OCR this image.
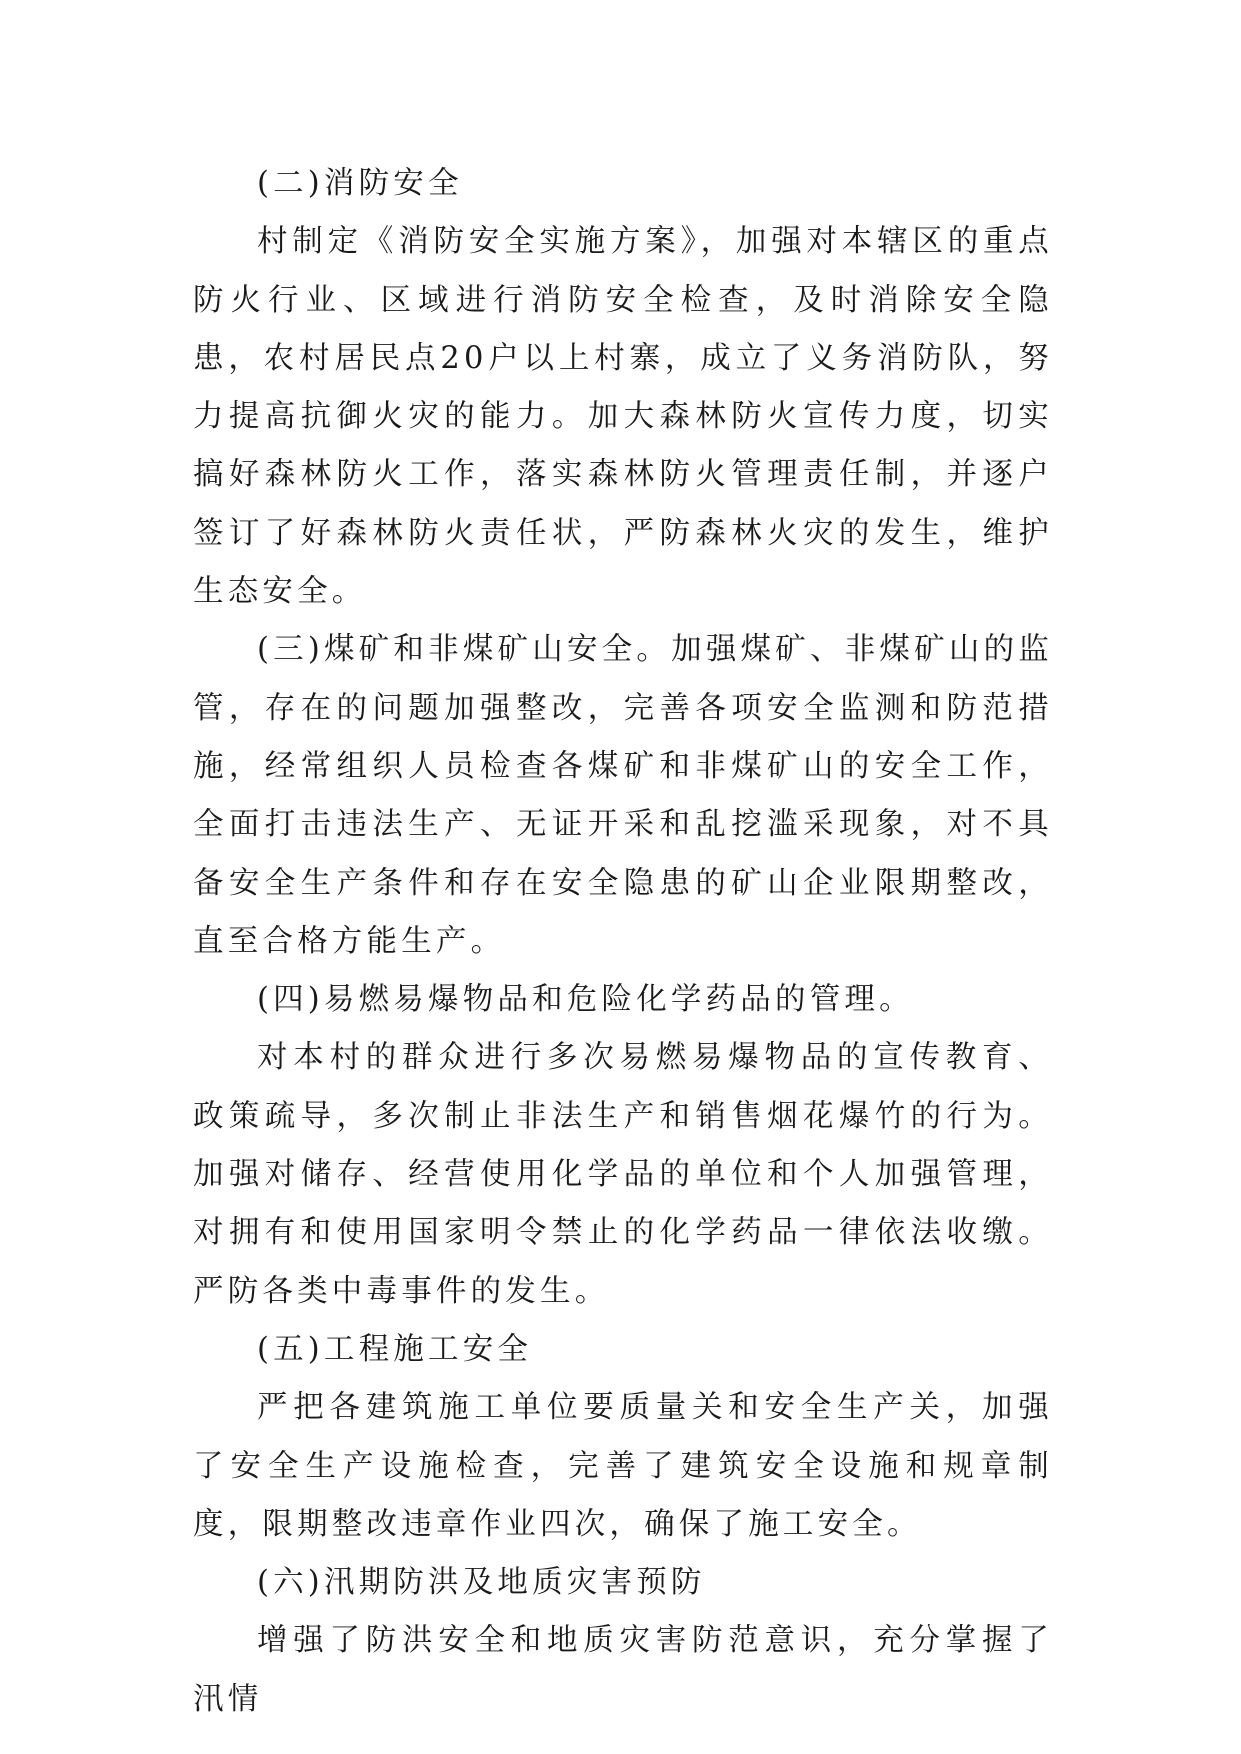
(二)消防安全

村制定《消防安全实施方案》，加强对本辖区的重点防火行业、区域进行消防安全检查，及时消除安全隐患，农村居民点20户以上村寨，成立了义务消防队，努力提高抗御火灾的能力。加大森林防火宣传力度，切实搞好森林防火工作，落实森林防火管理责任制，并逐户签订了好森林防火责任状，严防森林火灾的发生，维护生态安全。

(三)煤矿和非煤矿山安全。加强煤矿、非煤矿山的监管，存在的问题加强整改，完善各项安全监测和防范措施，经常组织人员检查各煤矿和非煤矿山的安全工作，全面打击违法生产、无证开采和乱挖滥采现象，对不具备安全生产条件和存在安全隐患的矿山企业限期整改，直至合格方能生产。

(四)易燃易爆物品和危险化学药品的管理。

对本村的群众进行多次易燃易爆物品的宣传教育、政策疏导，多次制止非法生产和销售烟花爆竹的行为。加强对储存、经营使用化学品的单位和个人加强管理，对拥有和使用国家明令禁止的化学药品一律依法收缴。严防各类中毒事件的发生。

(五)工程施工安全

严把各建筑施工单位要质量关和安全生产关，加强了安全生产设施检查，完善了建筑安全设施和规章制度，限期整改违章作业四次，确保了施工安全。

(六)汛期防洪及地质灾害预防

增强了防洪安全和地质灾害防范意识，充分掌握了汛情
